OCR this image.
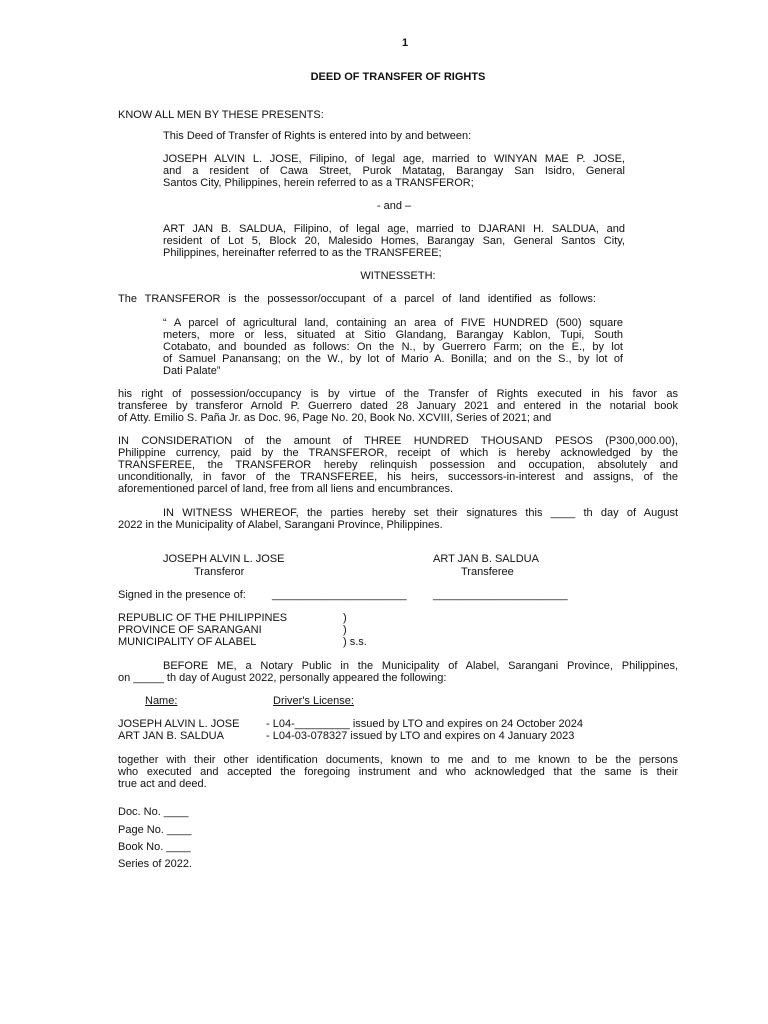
1
DEED OF TRANSFER OF RIGHTS
KNOW ALL MEN BY THESE PRESENTS:
This Deed of Transfer of Rights is entered into by and between:
JOSEPH ALVIN L. JOSE, Filipino, of legal age, married to WINYAN MAE P. JOSE,
and a resident of Cawa Street, Purok Matatag, Barangay San Isidro, General
Santos City, Philippines, herein referred to as a TRANSFEROR;
- and –
ART JAN B. SALDUA, Filipino, of legal age, married to DJARANI H. SALDUA, and
resident of Lot 5, Block 20, Malesido Homes, Barangay San, General Santos City,
Philippines, hereinafter referred to as the TRANSFEREE;
WITNESSETH:
The TRANSFEROR is the possessor/occupant of a parcel of land identified as follows:
“ A parcel of agricultural land, containing an area of FIVE HUNDRED (500) square
meters, more or less, situated at Sitio Glandang, Barangay Kablon, Tupi, South
Cotabato, and bounded as follows: On the N., by Guerrero Farm; on the E., by lot
of Samuel Panansang; on the W., by lot of Mario A. Bonilla; and on the S., by lot of
Dati Palate”
his right of possession/occupancy is by virtue of the Transfer of Rights executed in his favor as
transferee by transferor Arnold P. Guerrero dated 28 January 2021 and entered in the notarial book
of Atty. Emilio S. Paña Jr. as Doc. 96, Page No. 20, Book No. XCVIII, Series of 2021; and
IN CONSIDERATION of the amount of THREE HUNDRED THOUSAND PESOS (P300,000.00),
Philippine currency, paid by the TRANSFEROR, receipt of which is hereby acknowledged by the
TRANSFEREE, the TRANSFEROR hereby relinquish possession and occupation, absolutely and
unconditionally, in favor of the TRANSFEREE, his heirs, successors-in-interest and assigns, of the
aforementioned parcel of land, free from all liens and encumbrances.
IN WITNESS WHEREOF, the parties hereby set their signatures this ____ th day of August
2022 in the Municipality of Alabel, Sarangani Province, Philippines.
JOSEPH ALVIN L. JOSE
Transferor
ART JAN B. SALDUA
Transferee
Signed in the presence of: ______________________ ______________________
REPUBLIC OF THE PHILIPPINES	)
PROVINCE OF SARANGANI	)
MUNICIPALITY OF ALABEL	) s.s.
BEFORE ME, a Notary Public in the Municipality of Alabel, Sarangani Province, Philippines,
on _____ th day of August 2022, personally appeared the following:
Name:	Driver's License:
JOSEPH ALVIN L. JOSE - L04-_________ issued by LTO and expires on 24 October 2024
ART JAN B. SALDUA	- L04-03-078327 issued by LTO and expires on 4 January 2023
together with their other identification documents, known to me and to me known to be the persons
who executed and accepted the foregoing instrument and who acknowledged that the same is their
true act and deed.
Doc. No. ____
Page No. ____
Book No. ____
Series of 2022.
